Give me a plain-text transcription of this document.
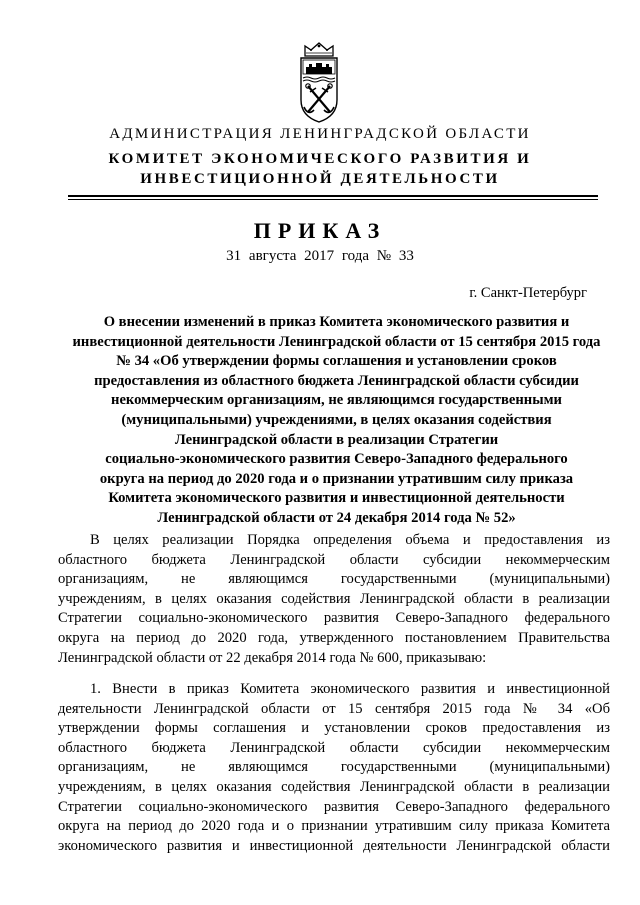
АДМИНИСТРАЦИЯ ЛЕНИНГРАДСКОЙ ОБЛАСТИ
КОМИТЕТ ЭКОНОМИЧЕСКОГО РАЗВИТИЯ И
ИНВЕСТИЦИОННОЙ ДЕЯТЕЛЬНОСТИ
ПРИКАЗ
31 августа 2017 года № 33
г. Санкт-Петербург
О внесении изменений в приказ Комитета экономического развития и
инвестиционной деятельности Ленинградской области от 15 сентября 2015 года
№ 34 «Об утверждении формы соглашения и установлении сроков
предоставления из областного бюджета Ленинградской области субсидии
некоммерческим организациям, не являющимся государственными
(муниципальными) учреждениями, в целях оказания содействия
Ленинградской области в реализации Стратегии
социально-экономического развития Северо-Западного федерального
округа на период до 2020 года и о признании утратившим силу приказа
Комитета экономического развития и инвестиционной деятельности
Ленинградской области от 24 декабря 2014 года № 52»
В целях реализации Порядка определения объема и предоставления из
областного бюджета Ленинградской области субсидии некоммерческим
организациям, не являющимся государственными (муниципальными)
учреждениям, в целях оказания содействия Ленинградской области в реализации
Стратегии социально-экономического развития Северо-Западного федерального
округа на период до 2020 года, утвержденного постановлением Правительства
Ленинградской области от 22 декабря 2014 года № 600, приказываю:
1. Внести в приказ Комитета экономического развития и инвестиционной
деятельности Ленинградской области от 15 сентября 2015 года № 34 «Об
утверждении формы соглашения и установлении сроков предоставления из
областного бюджета Ленинградской области субсидии некоммерческим
организациям, не являющимся государственными (муниципальными)
учреждениям, в целях оказания содействия Ленинградской области в реализации
Стратегии социально-экономического развития Северо-Западного федерального
округа на период до 2020 года и о признании утратившим силу приказа Комитета
экономического развития и инвестиционной деятельности Ленинградской области
